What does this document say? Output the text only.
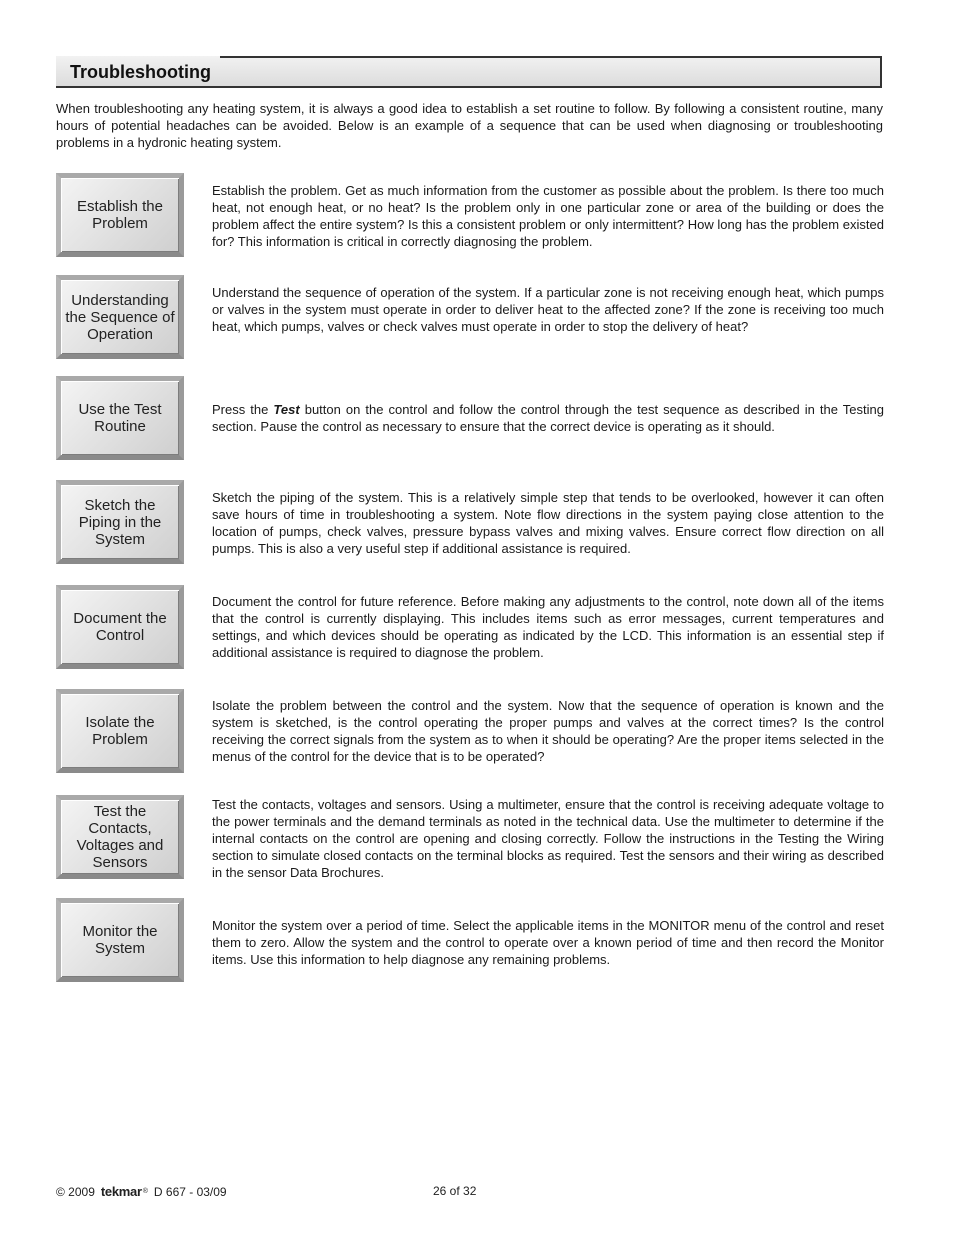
Troubleshooting

When troubleshooting any heating system, it is always a good idea to establish a set routine to follow. By following a consistent routine, many hours of potential headaches can be avoided. Below is an example of a sequence that can be used when diagnosing or troubleshooting problems in a hydronic heating system.

Establish the Problem

Establish the problem. Get as much information from the customer as possible about the problem. Is there too much heat, not enough heat, or no heat? Is the problem only in one particular zone or area of the building or does the problem affect the entire system? Is this a consistent problem or only intermittent? How long has the problem existed for? This information is critical in correctly diagnosing the problem.

Understanding the Sequence of Operation

Understand the sequence of operation of the system. If a particular zone is not receiving enough heat, which pumps or valves in the system must operate in order to deliver heat to the affected zone? If the zone is receiving too much heat, which pumps, valves or check valves must operate in order to stop the delivery of heat?

Use the Test Routine

Press the Test button on the control and follow the control through the test sequence as described in the Testing section. Pause the control as necessary to ensure that the correct device is operating as it should.

Sketch the Piping in the System

Sketch the piping of the system. This is a relatively simple step that tends to be overlooked, however it can often save hours of time in troubleshooting a system. Note flow directions in the system paying close attention to the location of pumps, check valves, pressure bypass valves and mixing valves. Ensure correct flow direction on all pumps. This is also a very useful step if additional assistance is required.

Document the Control

Document the control for future reference. Before making any adjustments to the control, note down all of the items that the control is currently displaying. This includes items such as error messages, current temperatures and settings, and which devices should be operating as indicated by the LCD. This information is an essential step if additional assistance is required to diagnose the problem.

Isolate the Problem

Isolate the problem between the control and the system. Now that the sequence of operation is known and the system is sketched, is the control operating the proper pumps and valves at the correct times? Is the control receiving the correct signals from the system as to when it should be operating? Are the proper items selected in the menus of the control for the device that is to be operated?

Test the Contacts, Voltages and Sensors

Test the contacts, voltages and sensors. Using a multimeter, ensure that the control is receiving adequate voltage to the power terminals and the demand terminals as noted in the technical data. Use the multimeter to determine if the internal contacts on the control are opening and closing correctly. Follow the instructions in the Testing the Wiring section to simulate closed contacts on the terminal blocks as required. Test the sensors and their wiring as described in the sensor Data Brochures.

Monitor the System

Monitor the system over a period of time. Select the applicable items in the MONITOR menu of the control and reset them to zero. Allow the system and the control to operate over a known period of time and then record the Monitor items. Use this information to help diagnose any remaining problems.

© 2009 tekmar ® D 667 - 03/09	26 of 32
